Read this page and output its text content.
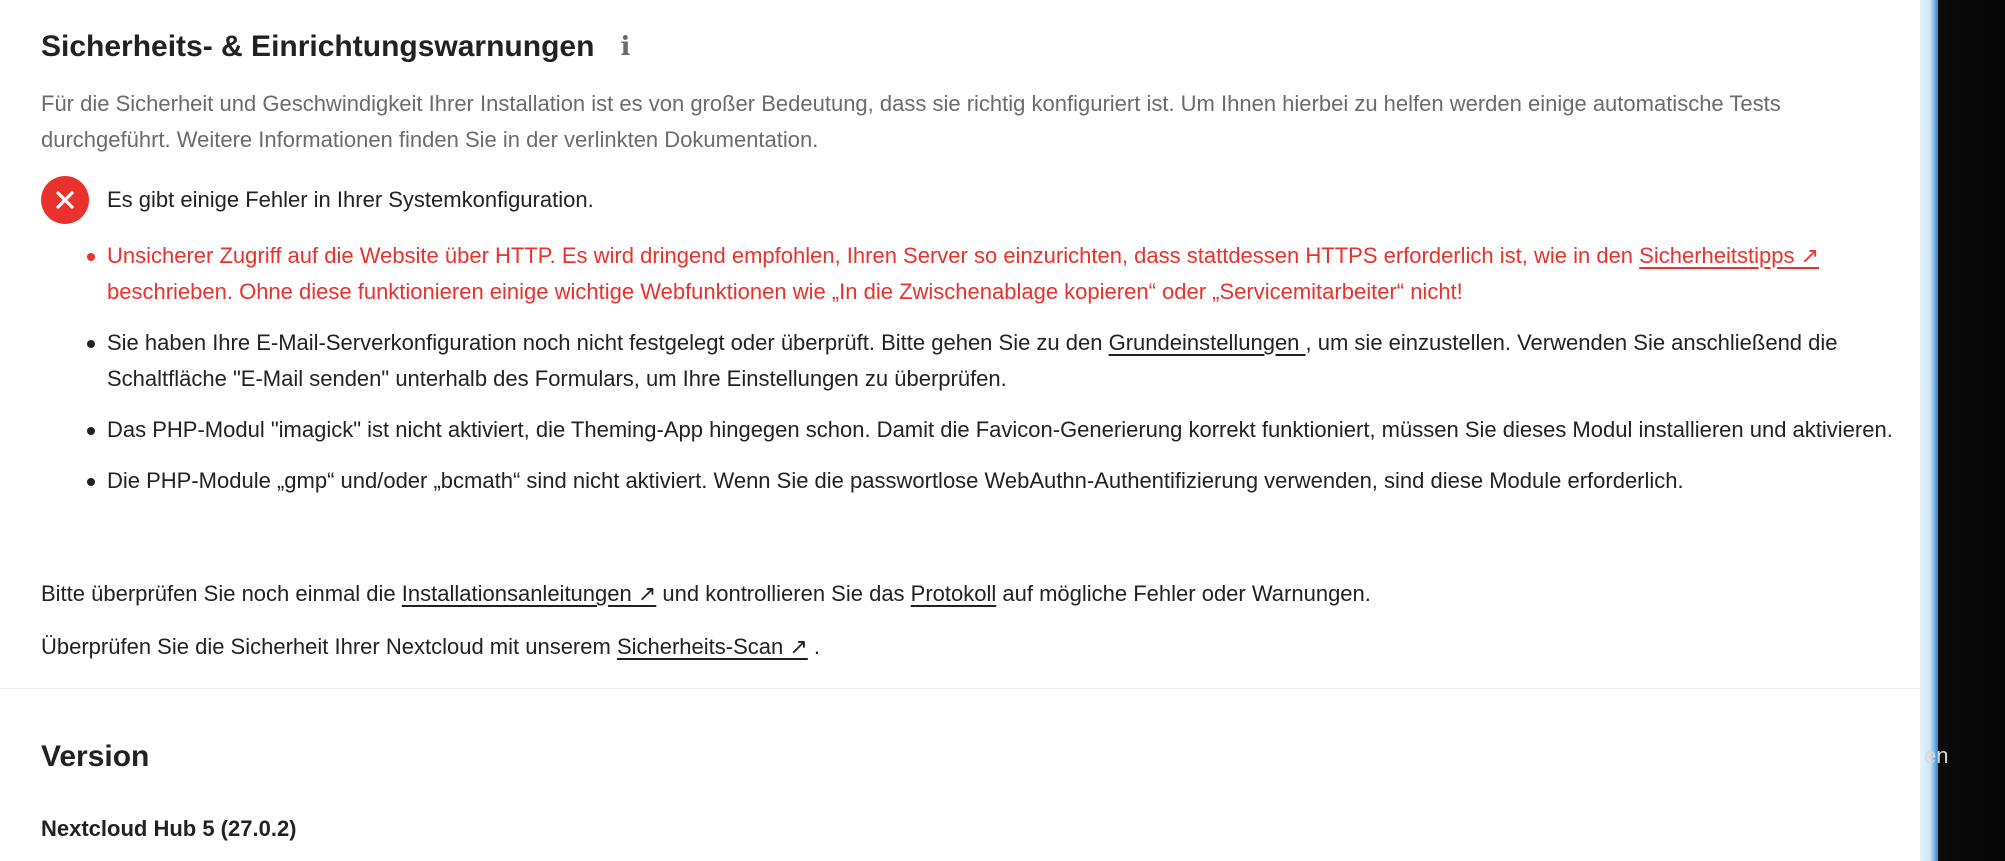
Sicherheits- & Einrichtungswarnungen i
Für die Sicherheit und Geschwindigkeit Ihrer Installation ist es von großer Bedeutung, dass sie richtig konfiguriert ist. Um Ihnen hierbei zu helfen werden einige automatische Tests durchgeführt. Weitere Informationen finden Sie in der verlinkten Dokumentation.
Es gibt einige Fehler in Ihrer Systemkonfiguration.
Unsicherer Zugriff auf die Website über HTTP. Es wird dringend empfohlen, Ihren Server so einzurichten, dass stattdessen HTTPS erforderlich ist, wie in den Sicherheitstipps ↗ beschrieben. Ohne diese funktionieren einige wichtige Webfunktionen wie „In die Zwischenablage kopieren“ oder „Servicemitarbeiter“ nicht!
Sie haben Ihre E-Mail-Serverkonfiguration noch nicht festgelegt oder überprüft. Bitte gehen Sie zu den Grundeinstellungen , um sie einzustellen. Verwenden Sie anschließend die Schaltfläche "E-Mail senden" unterhalb des Formulars, um Ihre Einstellungen zu überprüfen.
Das PHP-Modul "imagick" ist nicht aktiviert, die Theming-App hingegen schon. Damit die Favicon-Generierung korrekt funktioniert, müssen Sie dieses Modul installieren und aktivieren.
Die PHP-Module „gmp“ und/oder „bcmath“ sind nicht aktiviert. Wenn Sie die passwortlose WebAuthn-Authentifizierung verwenden, sind diese Module erforderlich.
Bitte überprüfen Sie noch einmal die Installationsanleitungen ↗ und kontrollieren Sie das Protokoll auf mögliche Fehler oder Warnungen.
Überprüfen Sie die Sicherheit Ihrer Nextcloud mit unserem Sicherheits-Scan ↗ .
Version
Nextcloud Hub 5 (27.0.2)
en
